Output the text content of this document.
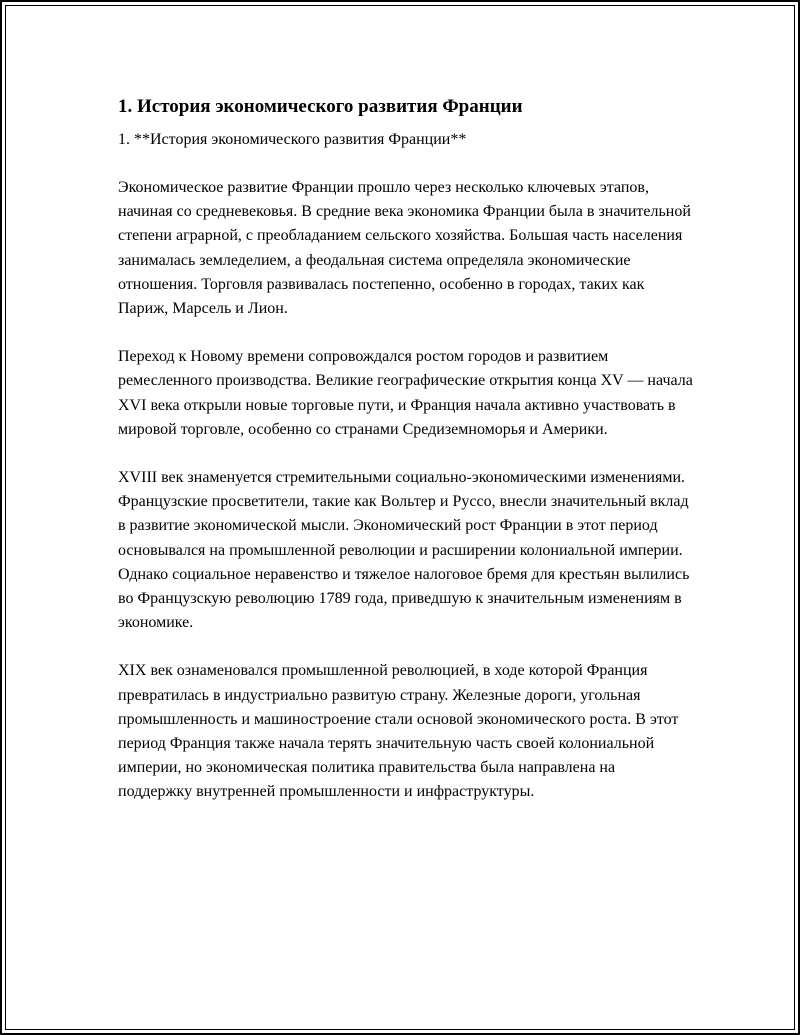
1. История экономического развития Франции

1. **История экономического развития Франции**

Экономическое развитие Франции прошло через несколько ключевых этапов, начиная со средневековья. В средние века экономика Франции была в значительной степени аграрной, с преобладанием сельского хозяйства. Большая часть населения занималась земледелием, а феодальная система определяла экономические отношения. Торговля развивалась постепенно, особенно в городах, таких как Париж, Марсель и Лион.

Переход к Новому времени сопровождался ростом городов и развитием ремесленного производства. Великие географические открытия конца XV — начала XVI века открыли новые торговые пути, и Франция начала активно участвовать в мировой торговле, особенно со странами Средиземноморья и Америки.

XVIII век знаменуется стремительными социально-экономическими изменениями. Французские просветители, такие как Вольтер и Руссо, внесли значительный вклад в развитие экономической мысли. Экономический рост Франции в этот период основывался на промышленной революции и расширении колониальной империи. Однако социальное неравенство и тяжелое налоговое бремя для крестьян вылились во Французскую революцию 1789 года, приведшую к значительным изменениям в экономике.

XIX век ознаменовался промышленной революцией, в ходе которой Франция превратилась в индустриально развитую страну. Железные дороги, угольная промышленность и машиностроение стали основой экономического роста. В этот период Франция также начала терять значительную часть своей колониальной империи, но экономическая политика правительства была направлена на поддержку внутренней промышленности и инфраструктуры.
